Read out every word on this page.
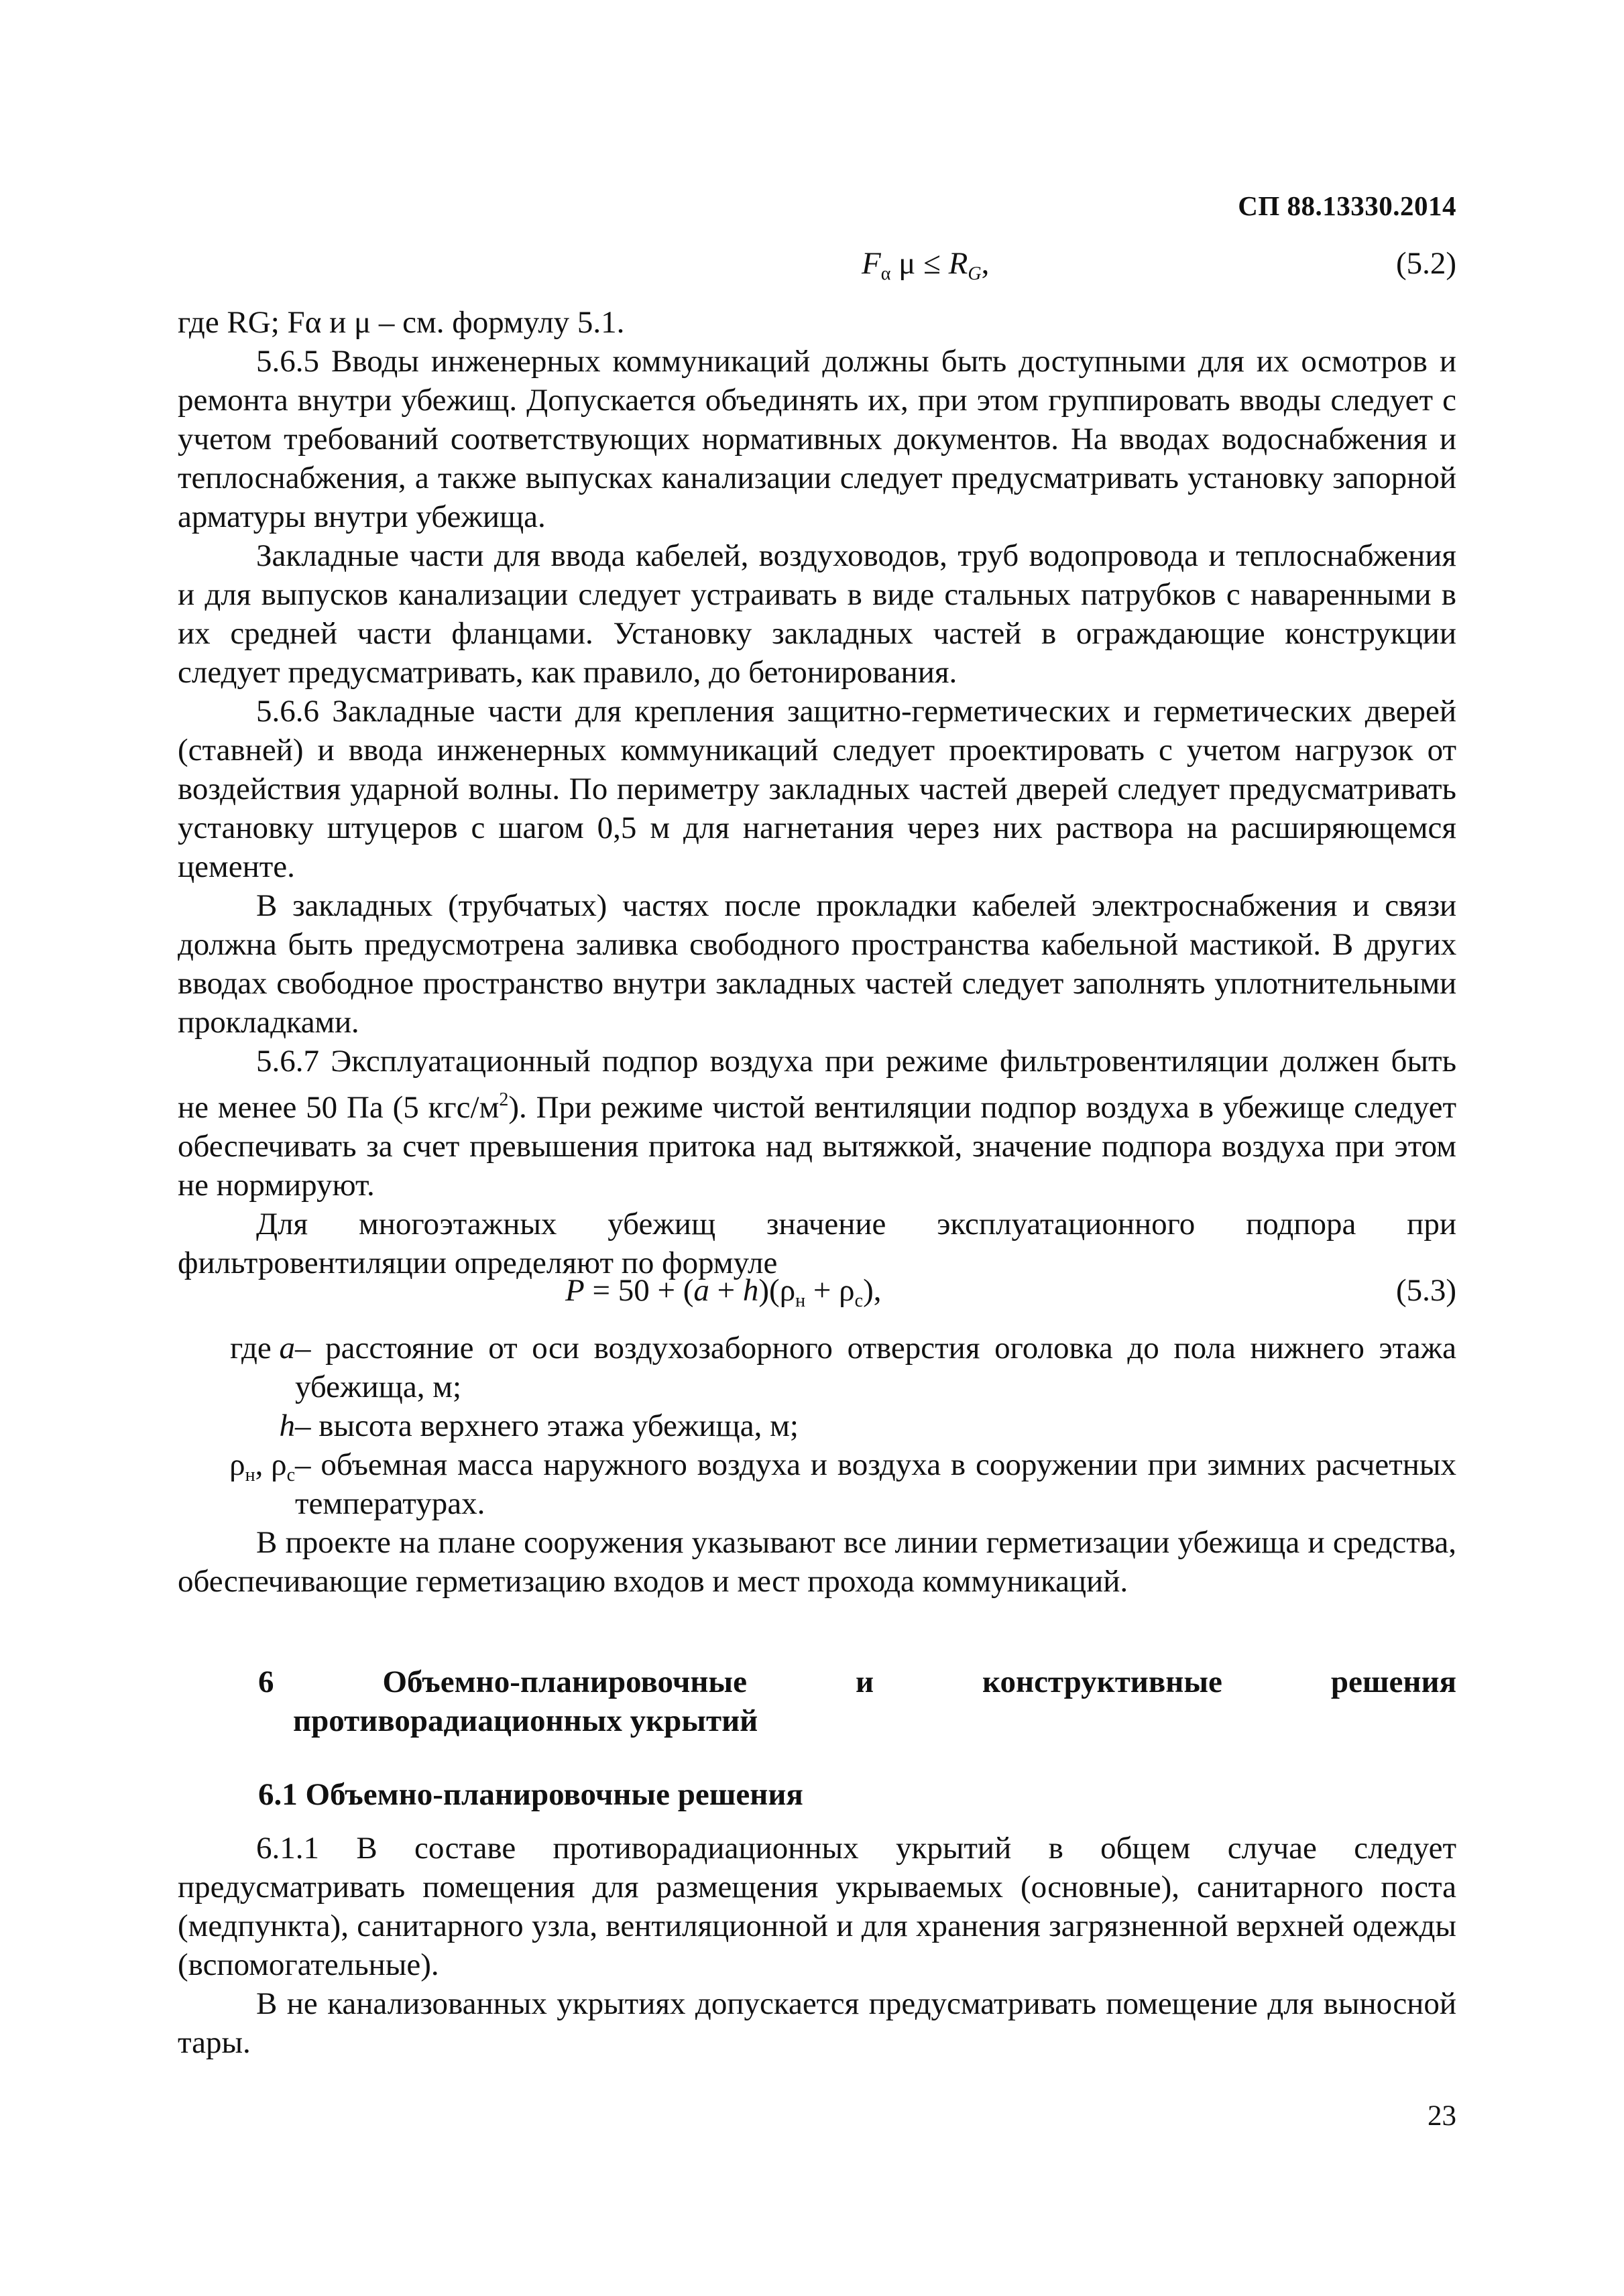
СП 88.13330.2014
$F_\alpha$ $\mu \le R_G$,	(5.2)

где RG; Fα и μ – см. формулу 5.1.

5.6.5 Вводы инженерных коммуникаций должны быть доступными для их осмотров и ремонта внутри убежищ. Допускается объединять их, при этом группировать вводы следует с учетом требований соответствующих нормативных документов. На вводах водоснабжения и теплоснабжения, а также выпусках канализации следует предусматривать установку запорной арматуры внутри убежища.

Закладные части для ввода кабелей, воздуховодов, труб водопровода и теплоснабжения и для выпусков канализации следует устраивать в виде стальных патрубков с наваренными в их средней части фланцами. Установку закладных частей в ограждающие конструкции следует предусматривать, как правило, до бетонирования.

5.6.6 Закладные части для крепления защитно-герметических и герметических дверей (ставней) и ввода инженерных коммуникаций следует проектировать с учетом нагрузок от воздействия ударной волны. По периметру закладных частей дверей следует предусматривать установку штуцеров с шагом 0,5 м для нагнетания через них раствора на расширяющемся цементе.

В закладных (трубчатых) частях после прокладки кабелей электроснабжения и связи должна быть предусмотрена заливка свободного пространства кабельной мастикой. В других вводах свободное пространство внутри закладных частей следует заполнять уплотнительными прокладками.

5.6.7 Эксплуатационный подпор воздуха при режиме фильтровентиляции должен быть не менее 50 Па (5 кгс/$м^2$). При режиме чистой вентиляции подпор воздуха в убежище следует обеспечивать за счет превышения притока над вытяжкой, значение подпора воздуха при этом не нормируют.

Для многоэтажных убежищ значение эксплуатационного подпора при фильтровентиляции определяют по формуле

$P = 50 + (a + h)(\rho_н + \rho_с)$,	(5.3)
где a – расстояние от оси воздухозаборного отверстия оголовка до пола нижнего этажа убежища, м;
h – высота верхнего этажа убежища, м;
$\rho_н$, $\rho_с$ – объемная масса наружного воздуха и воздуха в сооружении при зимних расчетных температурах.

В проекте на плане сооружения указывают все линии герметизации убежища и средства, обеспечивающие герметизацию входов и мест прохода коммуникаций.

6 Объемно-планировочные и конструктивные решения
противорадиационных укрытий
6.1 Объемно-планировочные решения

6.1.1 В составе противорадиационных укрытий в общем случае следует предусматривать помещения для размещения укрываемых (основные), санитарного поста (медпункта), санитарного узла, вентиляционной и для хранения загрязненной верхней одежды (вспомогательные).

В не канализованных укрытиях допускается предусматривать помещение для выносной тары.

23
